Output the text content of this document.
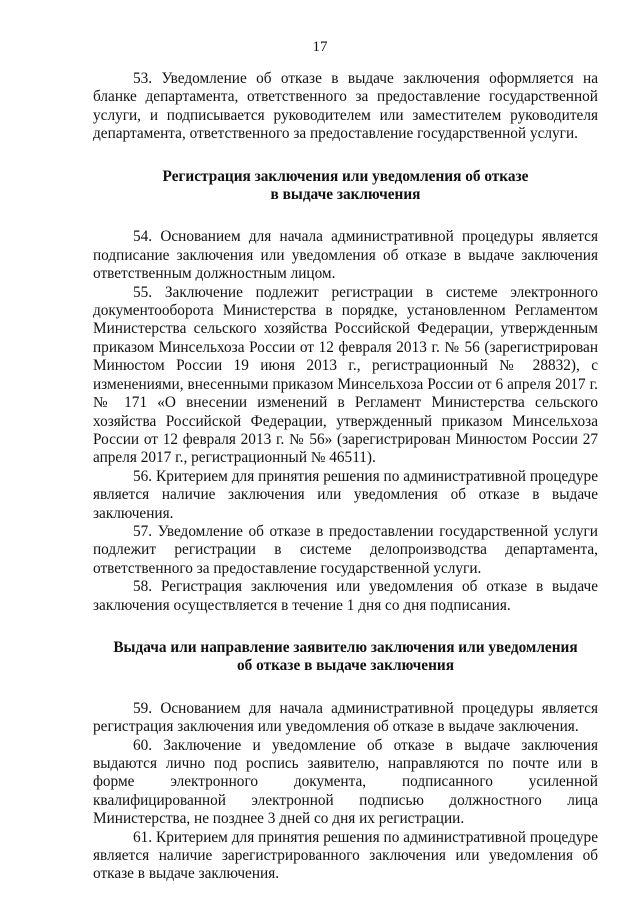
17

53. Уведомление об отказе в выдаче заключения оформляется на бланке департамента, ответственного за предоставление государственной услуги, и подписывается руководителем или заместителем руководителя департамента, ответственного за предоставление государственной услуги.

Регистрация заключения или уведомления об отказе
в выдаче заключения

54. Основанием для начала административной процедуры является подписание заключения или уведомления об отказе в выдаче заключения ответственным должностным лицом.

55. Заключение подлежит регистрации в системе электронного документооборота Министерства в порядке, установленном Регламентом Министерства сельского хозяйства Российской Федерации, утвержденным приказом Минсельхоза России от 12 февраля 2013 г. № 56 (зарегистрирован Минюстом России 19 июня 2013 г., регистрационный № 28832), с изменениями, внесенными приказом Минсельхоза России от 6 апреля 2017 г. № 171 «О внесении изменений в Регламент Министерства сельского хозяйства Российской Федерации, утвержденный приказом Минсельхоза России от 12 февраля 2013 г. № 56» (зарегистрирован Минюстом России 27 апреля 2017 г., регистрационный № 46511).

56. Критерием для принятия решения по административной процедуре является наличие заключения или уведомления об отказе в выдаче заключения.

57. Уведомление об отказе в предоставлении государственной услуги подлежит регистрации в системе делопроизводства департамента, ответственного за предоставление государственной услуги.

58. Регистрация заключения или уведомления об отказе в выдаче заключения осуществляется в течение 1 дня со дня подписания.

Выдача или направление заявителю заключения или уведомления
об отказе в выдаче заключения

59. Основанием для начала административной процедуры является регистрация заключения или уведомления об отказе в выдаче заключения.

60. Заключение и уведомление об отказе в выдаче заключения выдаются лично под роспись заявителю, направляются по почте или в форме электронного документа, подписанного усиленной квалифицированной электронной подписью должностного лица Министерства, не позднее 3 дней со дня их регистрации.

61. Критерием для принятия решения по административной процедуре является наличие зарегистрированного заключения или уведомления об отказе в выдаче заключения.
